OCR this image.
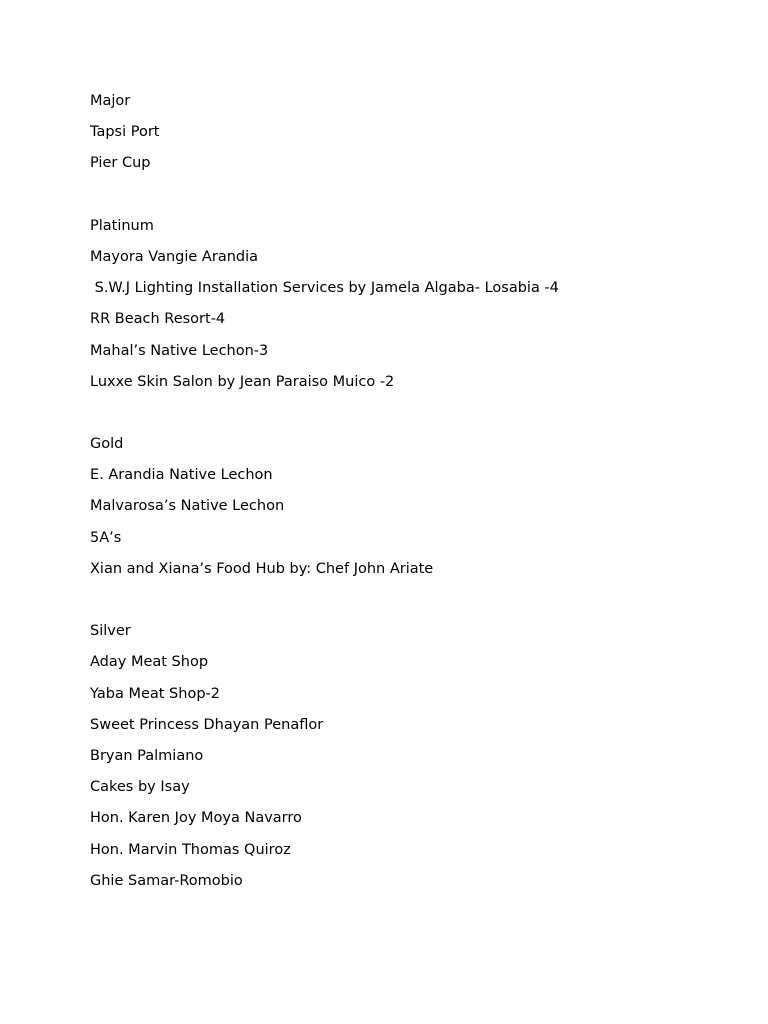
Major
Tapsi Port
Pier Cup
Platinum
Mayora Vangie Arandia
S.W.J Lighting Installation Services by Jamela Algaba- Losabia -4
RR Beach Resort-4
Mahal’s Native Lechon-3
Luxxe Skin Salon by Jean Paraiso Muico -2
Gold
E. Arandia Native Lechon
Malvarosa’s Native Lechon
5A’s
Xian and Xiana’s Food Hub by: Chef John Ariate
Silver
Aday Meat Shop
Yaba Meat Shop-2
Sweet Princess Dhayan Penaflor
Bryan Palmiano
Cakes by Isay
Hon. Karen Joy Moya Navarro
Hon. Marvin Thomas Quiroz
Ghie Samar-Romobio
